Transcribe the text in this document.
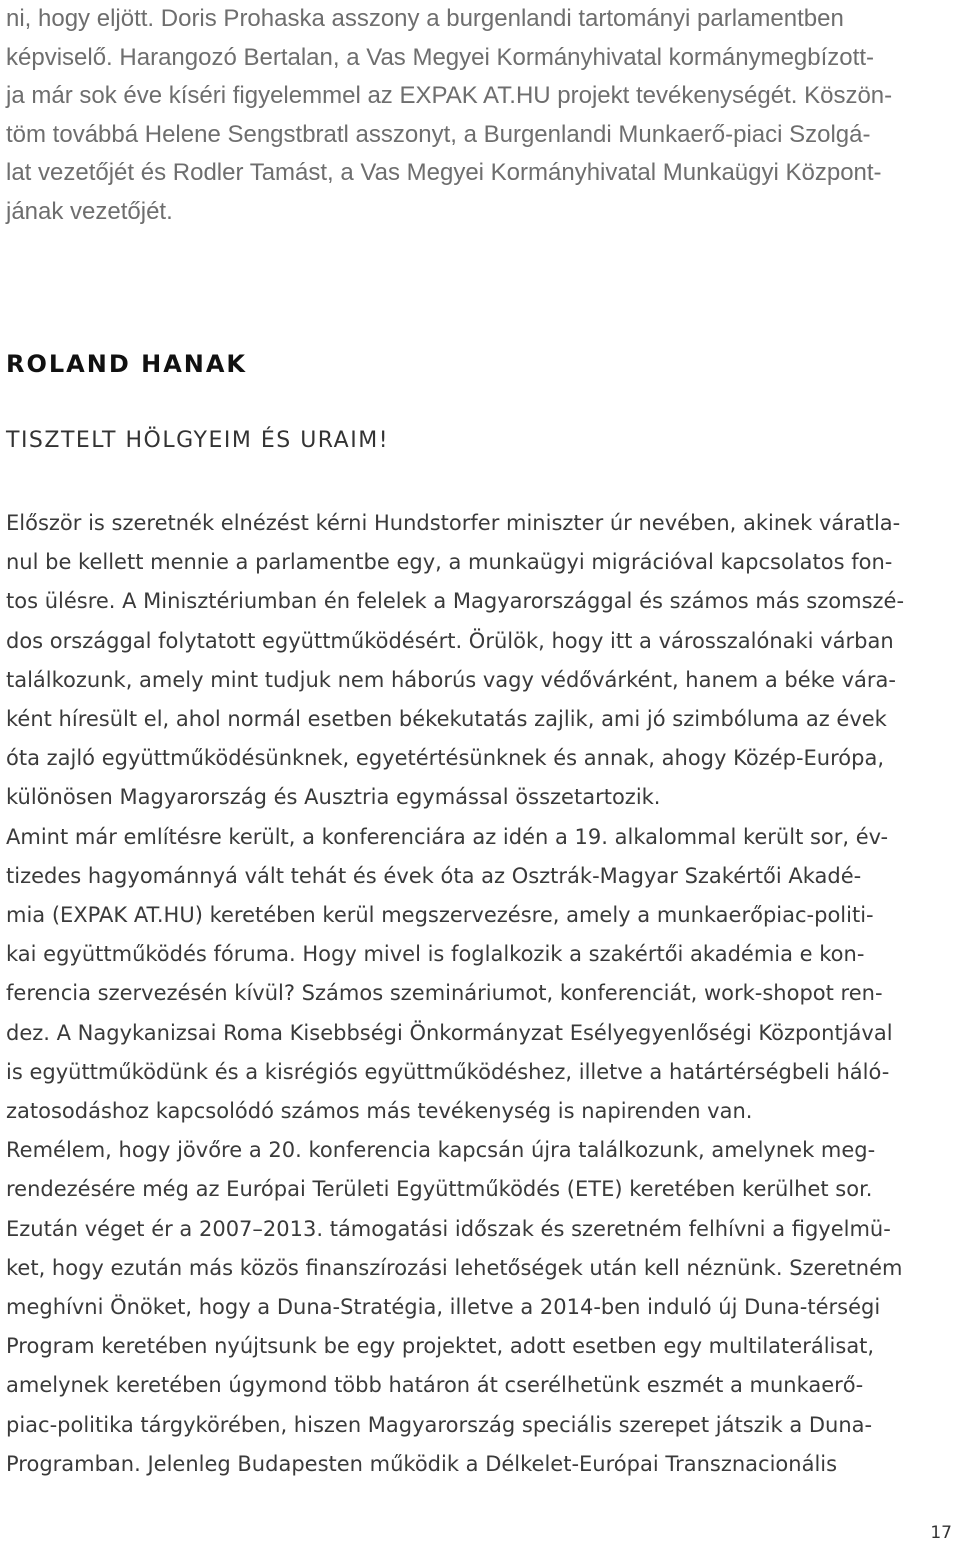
ni, hogy eljött. Doris Prohaska asszony a burgenlandi tartományi parlamentben
képviselő. Harangozó Bertalan, a Vas Megyei Kormányhivatal kormánymegbízott-
ja már sok éve kíséri figyelemmel az EXPAK AT.HU projekt tevékenységét. Köszön-
töm továbbá Helene Sengstbratl asszonyt, a Burgenlandi Munkaerő-piaci Szolgá-
lat vezetőjét és Rodler Tamást, a Vas Megyei Kormányhivatal Munkaügyi Központ-
jának vezetőjét.

ROLAND HANAK
TISZTELT HÖLGYEIM ÉS URAIM!

Először is szeretnék elnézést kérni Hundstorfer miniszter úr nevében, akinek váratla-
nul be kellett mennie a parlamentbe egy, a munkaügyi migrációval kapcsolatos fon-
tos ülésre. A Minisztériumban én felelek a Magyarországgal és számos más szomszé-
dos országgal folytatott együttműködésért. Örülök, hogy itt a városszalónaki várban
találkozunk, amely mint tudjuk nem háborús vagy védővárként, hanem a béke vára-
ként híresült el, ahol normál esetben békekutatás zajlik, ami jó szimbóluma az évek
óta zajló együttműködésünknek, egyetértésünknek és annak, ahogy Közép-Európa,
különösen Magyarország és Ausztria egymással összetartozik.

Amint már említésre került, a konferenciára az idén a 19. alkalommal került sor, év-
tizedes hagyománnyá vált tehát és évek óta az Osztrák-Magyar Szakértői Akadé-
mia (EXPAK AT.HU) keretében kerül megszervezésre, amely a munkaerőpiac-politi-
kai együttműködés fóruma. Hogy mivel is foglalkozik a szakértői akadémia e kon-
ferencia szervezésén kívül? Számos szemináriumot, konferenciát, work-shopot ren-
dez. A Nagykanizsai Roma Kisebbségi Önkormányzat Esélyegyenlőségi Központjával
is együttműködünk és a kisrégiós együttműködéshez, illetve a határtérségbeli háló-
zatosodáshoz kapcsolódó számos más tevékenység is napirenden van.

Remélem, hogy jövőre a 20. konferencia kapcsán újra találkozunk, amelynek meg-
rendezésére még az Európai Területi Együttműködés (ETE) keretében kerülhet sor.
Ezután véget ér a 2007–2013. támogatási időszak és szeretném felhívni a figyelmü-
ket, hogy ezután más közös finanszírozási lehetőségek után kell néznünk. Szeretném
meghívni Önöket, hogy a Duna-Stratégia, illetve a 2014-ben induló új Duna-térségi
Program keretében nyújtsunk be egy projektet, adott esetben egy multilaterálisat,
amelynek keretében úgymond több határon át cserélhetünk eszmét a munkaerő-
piac-politika tárgykörében, hiszen Magyarország speciális szerepet játszik a Duna-
Programban. Jelenleg Budapesten működik a Délkelet-Európai Transznacionális

17
